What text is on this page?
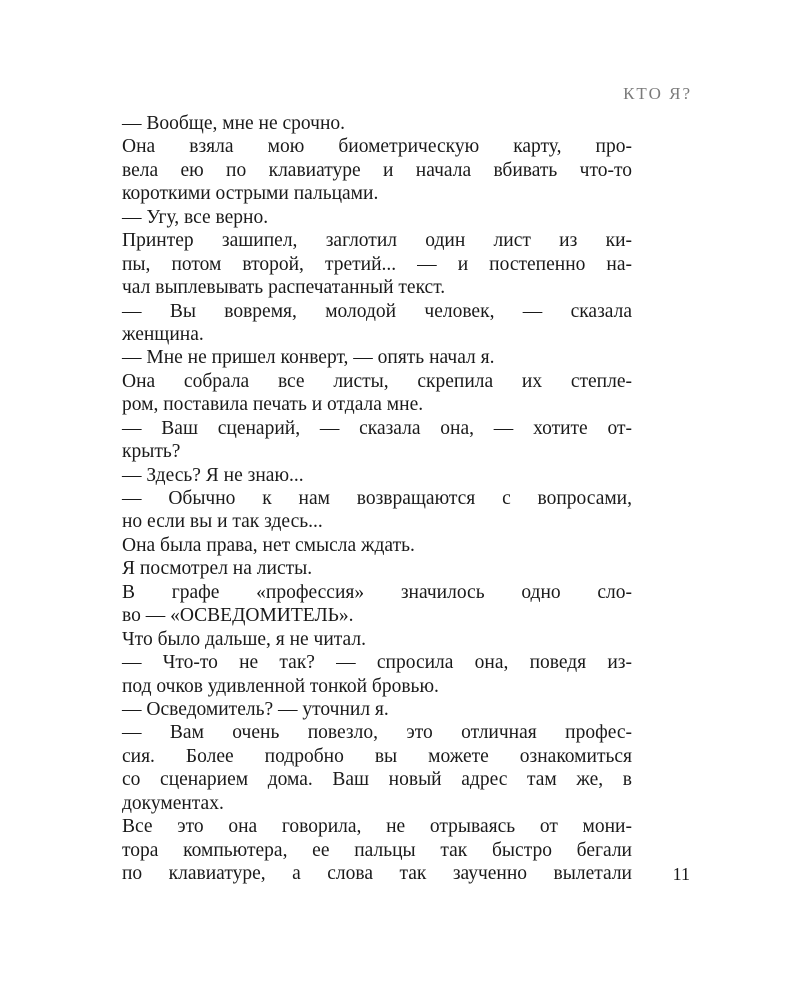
КТО Я?
— Вообще, мне не срочно.
Она взяла мою биометрическую карту, про-
вела ею по клавиатуре и начала вбивать что-то
короткими острыми пальцами.
— Угу, все верно.
Принтер зашипел, заглотил один лист из ки-
пы, потом второй, третий... — и постепенно на-
чал выплевывать распечатанный текст.
— Вы вовремя, молодой человек, — сказала
женщина.
— Мне не пришел конверт, — опять начал я.
Она собрала все листы, скрепила их степле-
ром, поставила печать и отдала мне.
— Ваш сценарий, — сказала она, — хотите от-
крыть?
— Здесь? Я не знаю...
— Обычно к нам возвращаются с вопросами,
но если вы и так здесь...
Она была права, нет смысла ждать.
Я посмотрел на листы.
В графе «профессия» значилось одно сло-
во — «ОСВЕДОМИТЕЛЬ».
Что было дальше, я не читал.
— Что-то не так? — спросила она, поведя из-
под очков удивленной тонкой бровью.
— Осведомитель? — уточнил я.
— Вам очень повезло, это отличная профес-
сия. Более подробно вы можете ознакомиться
со сценарием дома. Ваш новый адрес там же, в
документах.
Все это она говорила, не отрываясь от мони-
тора компьютера, ее пальцы так быстро бегали
по клавиатуре, а слова так заученно вылетали 11
